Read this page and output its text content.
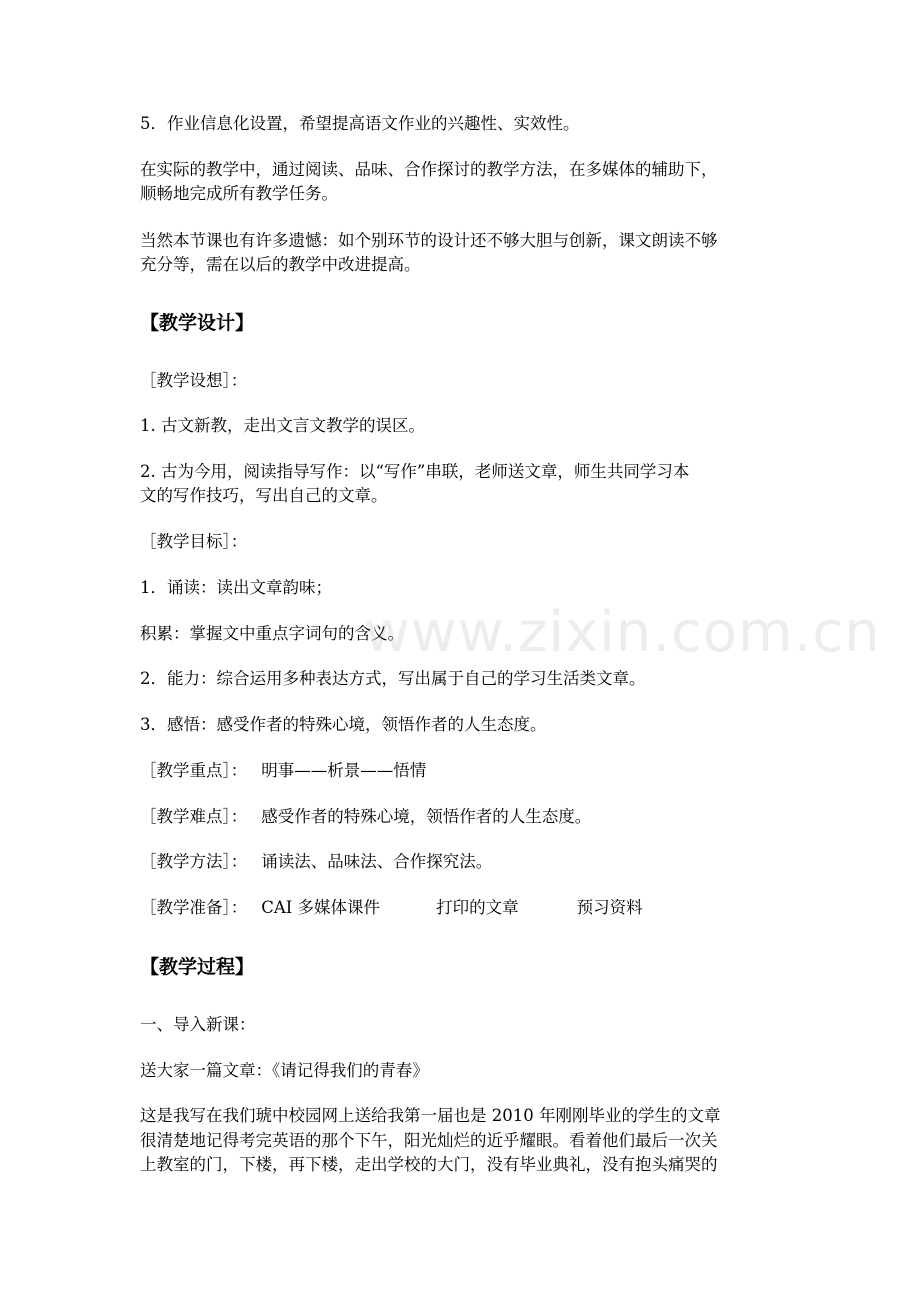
5．作业信息化设置，希望提高语文作业的兴趣性、实效性。
在实际的教学中，通过阅读、品味、合作探讨的教学方法，在多媒体的辅助下，
顺畅地完成所有教学任务。
当然本节课也有许多遗憾：如个别环节的设计还不够大胆与创新，课文朗读不够
充分等，需在以后的教学中改进提高。
【教学设计】
［教学设想］：
1. 古文新教，走出文言文教学的误区。
2. 古为今用，阅读指导写作：以“写作”串联，老师送文章，师生共同学习本
文的写作技巧，写出自己的文章。
［教学目标］：
1．诵读：读出文章韵味；
积累：掌握文中重点字词句的含义。
2．能力：综合运用多种表达方式，写出属于自己的学习生活类文章。
3．感悟：感受作者的特殊心境，领悟作者的人生态度。
［教学重点］： 明事——析景——悟情
［教学难点］： 感受作者的特殊心境，领悟作者的人生态度。
［教学方法］： 诵读法、品味法、合作探究法。
［教学准备］： CAI 多媒体课件	打印的文章	预习资料
【教学过程】
一、导入新课：
送大家一篇文章：《请记得我们的青春》
这是我写在我们琥中校园网上送给我第一届也是 2010 年刚刚毕业的学生的文章
很清楚地记得考完英语的那个下午，阳光灿烂的近乎耀眼。看着他们最后一次关
上教室的门，下楼，再下楼，走出学校的大门，没有毕业典礼，没有抱头痛哭的
www.zixin.com.cn
